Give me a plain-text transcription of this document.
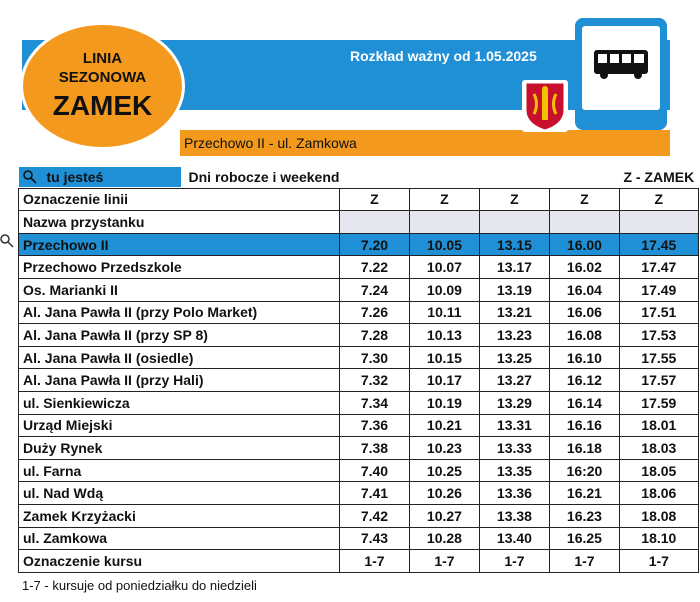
Rozkład ważny od 1.05.2025
Przechowo II - ul. Zamkowa
LINIA
SEZONOWA
ZAMEK
tu jesteś Dni robocze i weekend					Z - ZAMEK
Oznaczenie linii	Z	Z	Z	Z	Z
Nazwa przystanku					
Przechowo II	7.20	10.05	13.15	16.00	17.45
Przechowo Przedszkole	7.22	10.07	13.17	16.02	17.47
Os. Marianki II	7.24	10.09	13.19	16.04	17.49
Al. Jana Pawła II (przy Polo Market)	7.26	10.11	13.21	16.06	17.51
Al. Jana Pawła II (przy SP 8)	7.28	10.13	13.23	16.08	17.53
Al. Jana Pawła II (osiedle)	7.30	10.15	13.25	16.10	17.55
Al. Jana Pawła II (przy Hali)	7.32	10.17	13.27	16.12	17.57
ul. Sienkiewicza	7.34	10.19	13.29	16.14	17.59
Urząd Miejski	7.36	10.21	13.31	16.16	18.01
Duży Rynek	7.38	10.23	13.33	16.18	18.03
ul. Farna	7.40	10.25	13.35	16:20	18.05
ul. Nad Wdą	7.41	10.26	13.36	16.21	18.06
Zamek Krzyżacki	7.42	10.27	13.38	16.23	18.08
ul. Zamkowa	7.43	10.28	13.40	16.25	18.10
Oznaczenie kursu	1-7	1-7	1-7	1-7	1-7
1-7 - kursuje od poniedziałku do niedzieli
